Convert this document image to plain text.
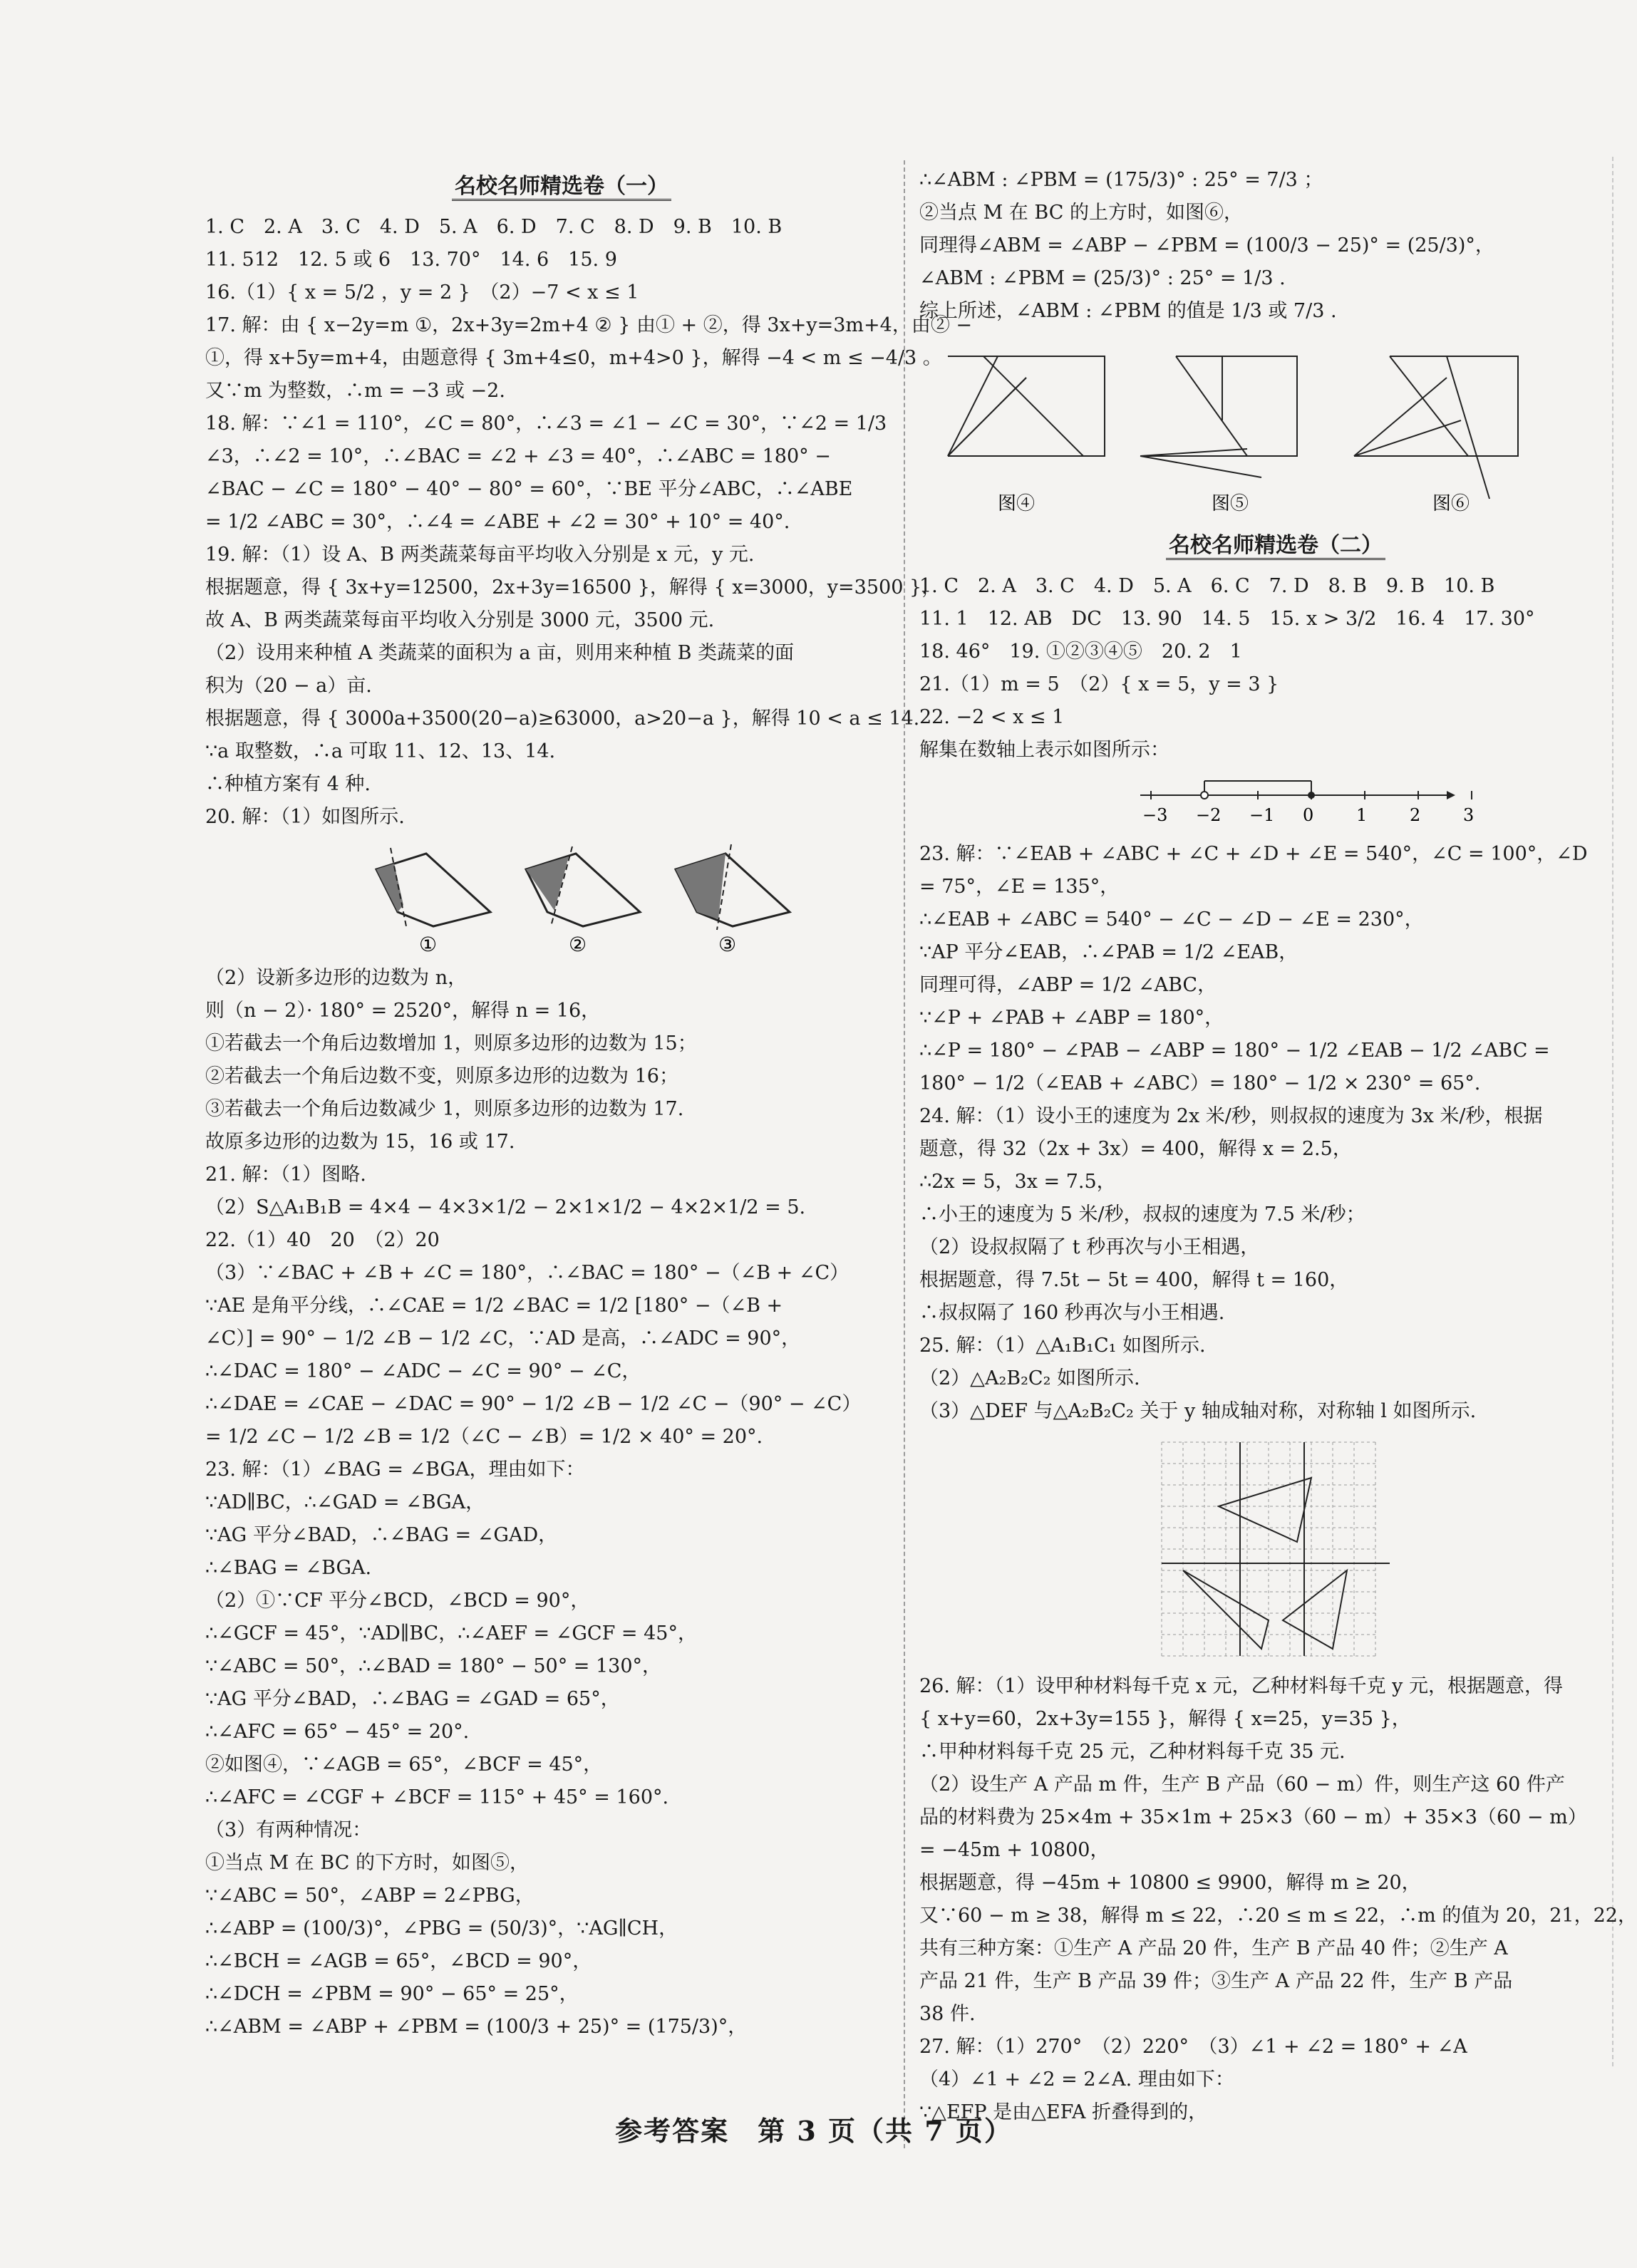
名校名师精选卷（一）
1. C　2. A　3. C　4. D　5. A　6. D　7. C　8. D　9. B　10. B
11. 512　12. 5 或 6　13. 70°　14. 6　15. 9
16.（1）{ x = 5/2 ，y = 2 }　（2）−7 < x ≤ 1
17. 解：由 { x−2y=m ①，2x+3y=2m+4 ② } 由① + ②，得 3x+y=3m+4，由② −
①，得 x+5y=m+4，由题意得 { 3m+4≤0，m+4>0 }，解得 −4 < m ≤ −4/3 。
又∵m 为整数，∴m = −3 或 −2.
18. 解：∵∠1 = 110°，∠C = 80°，∴∠3 = ∠1 − ∠C = 30°，∵∠2 = 1/3
∠3，∴∠2 = 10°，∴∠BAC = ∠2 + ∠3 = 40°，∴∠ABC = 180° −
∠BAC − ∠C = 180° − 40° − 80° = 60°，∵BE 平分∠ABC，∴∠ABE
= 1/2 ∠ABC = 30°，∴∠4 = ∠ABE + ∠2 = 30° + 10° = 40°.
19. 解：（1）设 A、B 两类蔬菜每亩平均收入分别是 x 元，y 元.
根据题意，得 { 3x+y=12500，2x+3y=16500 }，解得 { x=3000，y=3500 }，
故 A、B 两类蔬菜每亩平均收入分别是 3000 元，3500 元.
（2）设用来种植 A 类蔬菜的面积为 a 亩，则用来种植 B 类蔬菜的面
积为（20 − a）亩.
根据题意，得 { 3000a+3500(20−a)≥63000，a>20−a }，解得 10 < a ≤ 14.
∵a 取整数，∴a 可取 11、12、13、14.
∴种植方案有 4 种.
20. 解：（1）如图所示.
①	②	③
（2）设新多边形的边数为 n，
则（n − 2）· 180° = 2520°，解得 n = 16，
①若截去一个角后边数增加 1，则原多边形的边数为 15；
②若截去一个角后边数不变，则原多边形的边数为 16；
③若截去一个角后边数减少 1，则原多边形的边数为 17.
故原多边形的边数为 15，16 或 17.
21. 解：（1）图略.
（2）S△A₁B₁B = 4×4 − 4×3×1/2 − 2×1×1/2 − 4×2×1/2 = 5.
22.（1）40　20　（2）20
（3）∵∠BAC + ∠B + ∠C = 180°，∴∠BAC = 180° −（∠B + ∠C）
∵AE 是角平分线，∴∠CAE = 1/2 ∠BAC = 1/2 [180° −（∠B +
∠C）] = 90° − 1/2 ∠B − 1/2 ∠C，∵AD 是高，∴∠ADC = 90°，
∴∠DAC = 180° − ∠ADC − ∠C = 90° − ∠C，
∴∠DAE = ∠CAE − ∠DAC = 90° − 1/2 ∠B − 1/2 ∠C −（90° − ∠C）
= 1/2 ∠C − 1/2 ∠B = 1/2（∠C − ∠B）= 1/2 × 40° = 20°.
23. 解：（1）∠BAG = ∠BGA，理由如下：
∵AD∥BC，∴∠GAD = ∠BGA，
∵AG 平分∠BAD，∴∠BAG = ∠GAD，
∴∠BAG = ∠BGA.
（2）①∵CF 平分∠BCD，∠BCD = 90°，
∴∠GCF = 45°，∵AD∥BC，∴∠AEF = ∠GCF = 45°，
∵∠ABC = 50°，∴∠BAD = 180° − 50° = 130°，
∵AG 平分∠BAD，∴∠BAG = ∠GAD = 65°，
∴∠AFC = 65° − 45° = 20°.
②如图④，∵∠AGB = 65°，∠BCF = 45°，
∴∠AFC = ∠CGF + ∠BCF = 115° + 45° = 160°.
（3）有两种情况：
①当点 M 在 BC 的下方时，如图⑤，
∵∠ABC = 50°，∠ABP = 2∠PBG，
∴∠ABP = (100/3)°，∠PBG = (50/3)°，∵AG∥CH，
∴∠BCH = ∠AGB = 65°，∠BCD = 90°，
∴∠DCH = ∠PBM = 90° − 65° = 25°，
∴∠ABM = ∠ABP + ∠PBM = (100/3 + 25)° = (175/3)°，
∴∠ABM : ∠PBM = (175/3)° : 25° = 7/3 ；
②当点 M 在 BC 的上方时，如图⑥，
同理得∠ABM = ∠ABP − ∠PBM = (100/3 − 25)° = (25/3)°，
∠ABM : ∠PBM = (25/3)° : 25° = 1/3 .
综上所述，∠ABM : ∠PBM 的值是 1/3 或 7/3 .
图④	图⑤	图⑥
名校名师精选卷（二）
1. C　2. A　3. C　4. D　5. A　6. C　7. D　8. B　9. B　10. B
11. 1　12. AB　DC　13. 90　14. 5　15. x > 3/2　16. 4　17. 30°
18. 46°　19. ①②③④⑤　20. 2　1
21.（1）m = 5　（2）{ x = 5，y = 3 }
22. −2 < x ≤ 1
解集在数轴上表示如图所示：
−3 −2 −1 0 1 2 3
23. 解：∵∠EAB + ∠ABC + ∠C + ∠D + ∠E = 540°，∠C = 100°，∠D
= 75°，∠E = 135°，
∴∠EAB + ∠ABC = 540° − ∠C − ∠D − ∠E = 230°，
∵AP 平分∠EAB，∴∠PAB = 1/2 ∠EAB，
同理可得，∠ABP = 1/2 ∠ABC，
∵∠P + ∠PAB + ∠ABP = 180°，
∴∠P = 180° − ∠PAB − ∠ABP = 180° − 1/2 ∠EAB − 1/2 ∠ABC =
180° − 1/2（∠EAB + ∠ABC）= 180° − 1/2 × 230° = 65°.
24. 解：（1）设小王的速度为 2x 米/秒，则叔叔的速度为 3x 米/秒，根据
题意，得 32（2x + 3x）= 400，解得 x = 2.5，
∴2x = 5，3x = 7.5，
∴小王的速度为 5 米/秒，叔叔的速度为 7.5 米/秒；
（2）设叔叔隔了 t 秒再次与小王相遇，
根据题意，得 7.5t − 5t = 400，解得 t = 160，
∴叔叔隔了 160 秒再次与小王相遇.
25. 解：（1）△A₁B₁C₁ 如图所示.
（2）△A₂B₂C₂ 如图所示.
（3）△DEF 与△A₂B₂C₂ 关于 y 轴成轴对称，对称轴 l 如图所示.
26. 解：（1）设甲种材料每千克 x 元，乙种材料每千克 y 元，根据题意，得
{ x+y=60，2x+3y=155 }，解得 { x=25，y=35 }，
∴甲种材料每千克 25 元，乙种材料每千克 35 元.
（2）设生产 A 产品 m 件，生产 B 产品（60 − m）件，则生产这 60 件产
品的材料费为 25×4m + 35×1m + 25×3（60 − m）+ 35×3（60 − m）
= −45m + 10800，
根据题意，得 −45m + 10800 ≤ 9900，解得 m ≥ 20，
又∵60 − m ≥ 38，解得 m ≤ 22，∴20 ≤ m ≤ 22，∴m 的值为 20，21，22，
共有三种方案：①生产 A 产品 20 件，生产 B 产品 40 件；②生产 A
产品 21 件，生产 B 产品 39 件；③生产 A 产品 22 件，生产 B 产品
38 件.
27. 解：（1）270°　（2）220°　（3）∠1 + ∠2 = 180° + ∠A
（4）∠1 + ∠2 = 2∠A. 理由如下：
∵△EFP 是由△EFA 折叠得到的，
参考答案　第 3 页（共 7 页）
